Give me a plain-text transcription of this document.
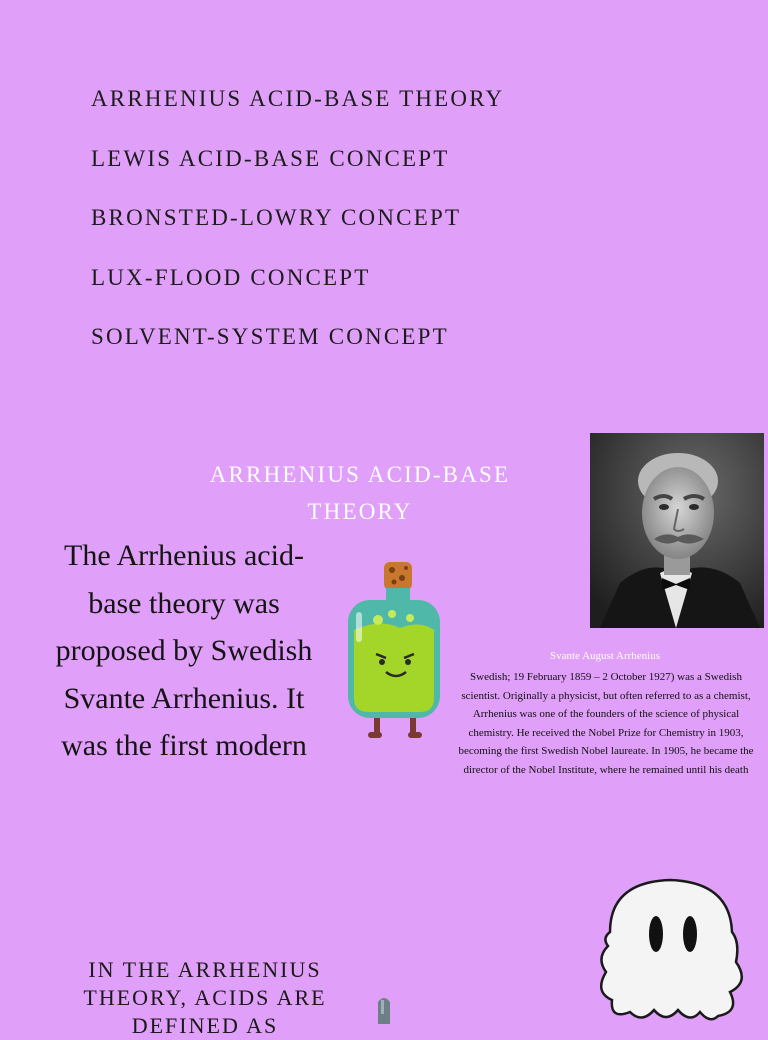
ARRHENIUS ACID-BASE THEORY
LEWIS ACID-BASE CONCEPT
BRONSTED-LOWRY CONCEPT
LUX-FLOOD CONCEPT
SOLVENT-SYSTEM CONCEPT
ARRHENIUS ACID-BASE THEORY
The Arrhenius acid-base theory was proposed by Swedish Svante Arrhenius. It was the first modern
Svante August Arrhenius
Swedish; 19 February 1859 – 2 October 1927) was a Swedish scientist. Originally a physicist, but often referred to as a chemist, Arrhenius was one of the founders of the science of physical chemistry. He received the Nobel Prize for Chemistry in 1903, becoming the first Swedish Nobel laureate. In 1905, he became the director of the Nobel Institute, where he remained until his death
IN THE ARRHENIUS THEORY, ACIDS ARE DEFINED AS
